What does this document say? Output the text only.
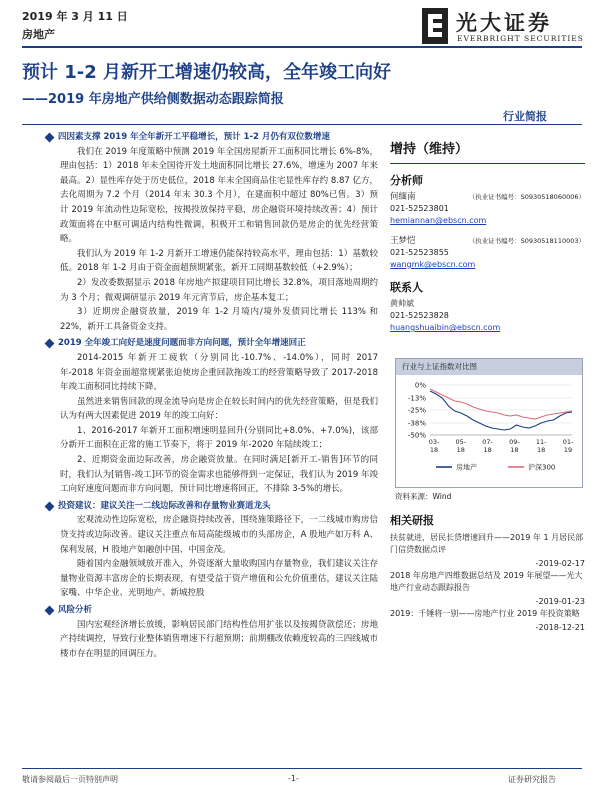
2019 年 3 月 11 日
房地产	光大证券
EVERBRIGHT SECURITIES
预计 1-2 月新开工增速仍较高，全年竣工向好
——2019 年房地产供给侧数据动态跟踪简报
行业简报
四因素支撑 2019 年全年新开工平稳增长，预计 1-2 月仍有双位数增速

我们在 2019 年度策略中预测 2019 年全国房屋新开工面积同比增长 6%-8%，理由包括：1）2018 年未全国待开发土地面积同比增长 27.6%，增速为 2007 年来最高。2）显性库存处于历史低位，2018 年末全国商品住宅显性库存约 8.87 亿方，去化周期为 7.2 个月（2014 年末 30.3 个月），在建面积中超过 80%已售。3）预计 2019 年流动性边际宽松，按揭投放保持平稳，房企融资环境持续改善；4）预计政策面将在中枢可调适内结构性微调，积极开工和销售回款仍是房企的优先经营策略。

我们认为 2019 年 1-2 月新开工增速仍能保持较高水平，理由包括：1）基数较低。2018 年 1-2 月由于资金面超预期紧张，新开工同期基数较低（+2.9%）；

2）发改委数据显示 2018 年房地产拟建项目同比增长 32.8%，项目落地周期约为 3 个月；微观调研显示 2019 年元宵节后，房企基本复工；

3）近期房企融资放量，2019 年 1-2 月境内/境外发债同比增长 113% 和 22%，新开工具备资金支持。

2019 全年竣工向好是速度问题而非方向问题，预计全年增速回正

2014-2015 年新开工疲软（分别同比-10.7%、-14.0%），同时 2017 年-2018 年资金面超常规紧张迫使房企重回款拖竣工的经营策略导致了 2017-2018 年竣工面积同比持续下降。

虽然进来销售回款的现金流导向是房企在较长时间内的优先经营策略，但是我们认为有两大因素促进 2019 年的竣工向好：

1、2016-2017 年新开工面积增速明显回升(分别同比+8.0%、+7.0%)，该部分新开工面积在正常的施工节奏下，将于 2019 年-2020 年陆续竣工；

2、近期资金面边际改善，房企融资放量。在同时满足[新开工-销售]环节的同时，我们认为[销售-竣工]环节的资金需求也能够得到一定保证，我们认为 2019 年竣工向好速度问题而非方向问题，预计同比增速将回正，不排除 3-5%的增长。

投资建议：建议关注一二线边际改善和存量物业赛道龙头

宏观流动性边际宽松，房企融资持续改善，围绕施策路径下，一二线城市购房信贷支持或边际改善。建议关注重点布局高能级城市的头部房企，A 股地产如万科 A、保利发展，H 股地产如融创中国、中国金茂。

随着国内金融领域放开准入，外资逐渐大量收购国内存量物业，我们建议关注存量物业资源丰富房企的长期表现，有望受益于资产增值和公允价值重估，建议关注陆家嘴、中华企业、光明地产、新城控股

风险分析

国内宏观经济增长放缓，影响居民部门结构性信用扩张以及按揭贷款偿还；房地产持续调控，导致行业整体销售增速下行超预期；前期棚改依赖度较高的三四线城市楼市存在明显的回调压力。

增持（维持）
分析师
何缅南	（执业证书编号：S0930518060006）
021-52523801
hemiannan@ebscn.com
王梦恺	（执业证书编号：S0930518110003）
021-52523855
wangmk@ebscn.com
联系人
黄帅斌
021-52523828
huangshuaibin@ebscn.com
行业与上证指数对比图
0%
-13%
-25%
-38%
-50%
03-
18
05-
18
07-
18
09-
18
11-
18
01-
19
房地产	沪深300
资料来源：Wind
相关研报
扶贫就进，居民长贷增速回升——2019 年 1 月居民部门信贷数据点评
-2019-02-17
2018 年房地产四维数据总结及 2019 年展望——光大地产行业动态跟踪报告
-2019-01-23
2019：千锤将一别——房地产行业 2019 年投资策略
-2018-12-21
敬请参阅最后一页特别声明	-1-	证券研究报告
